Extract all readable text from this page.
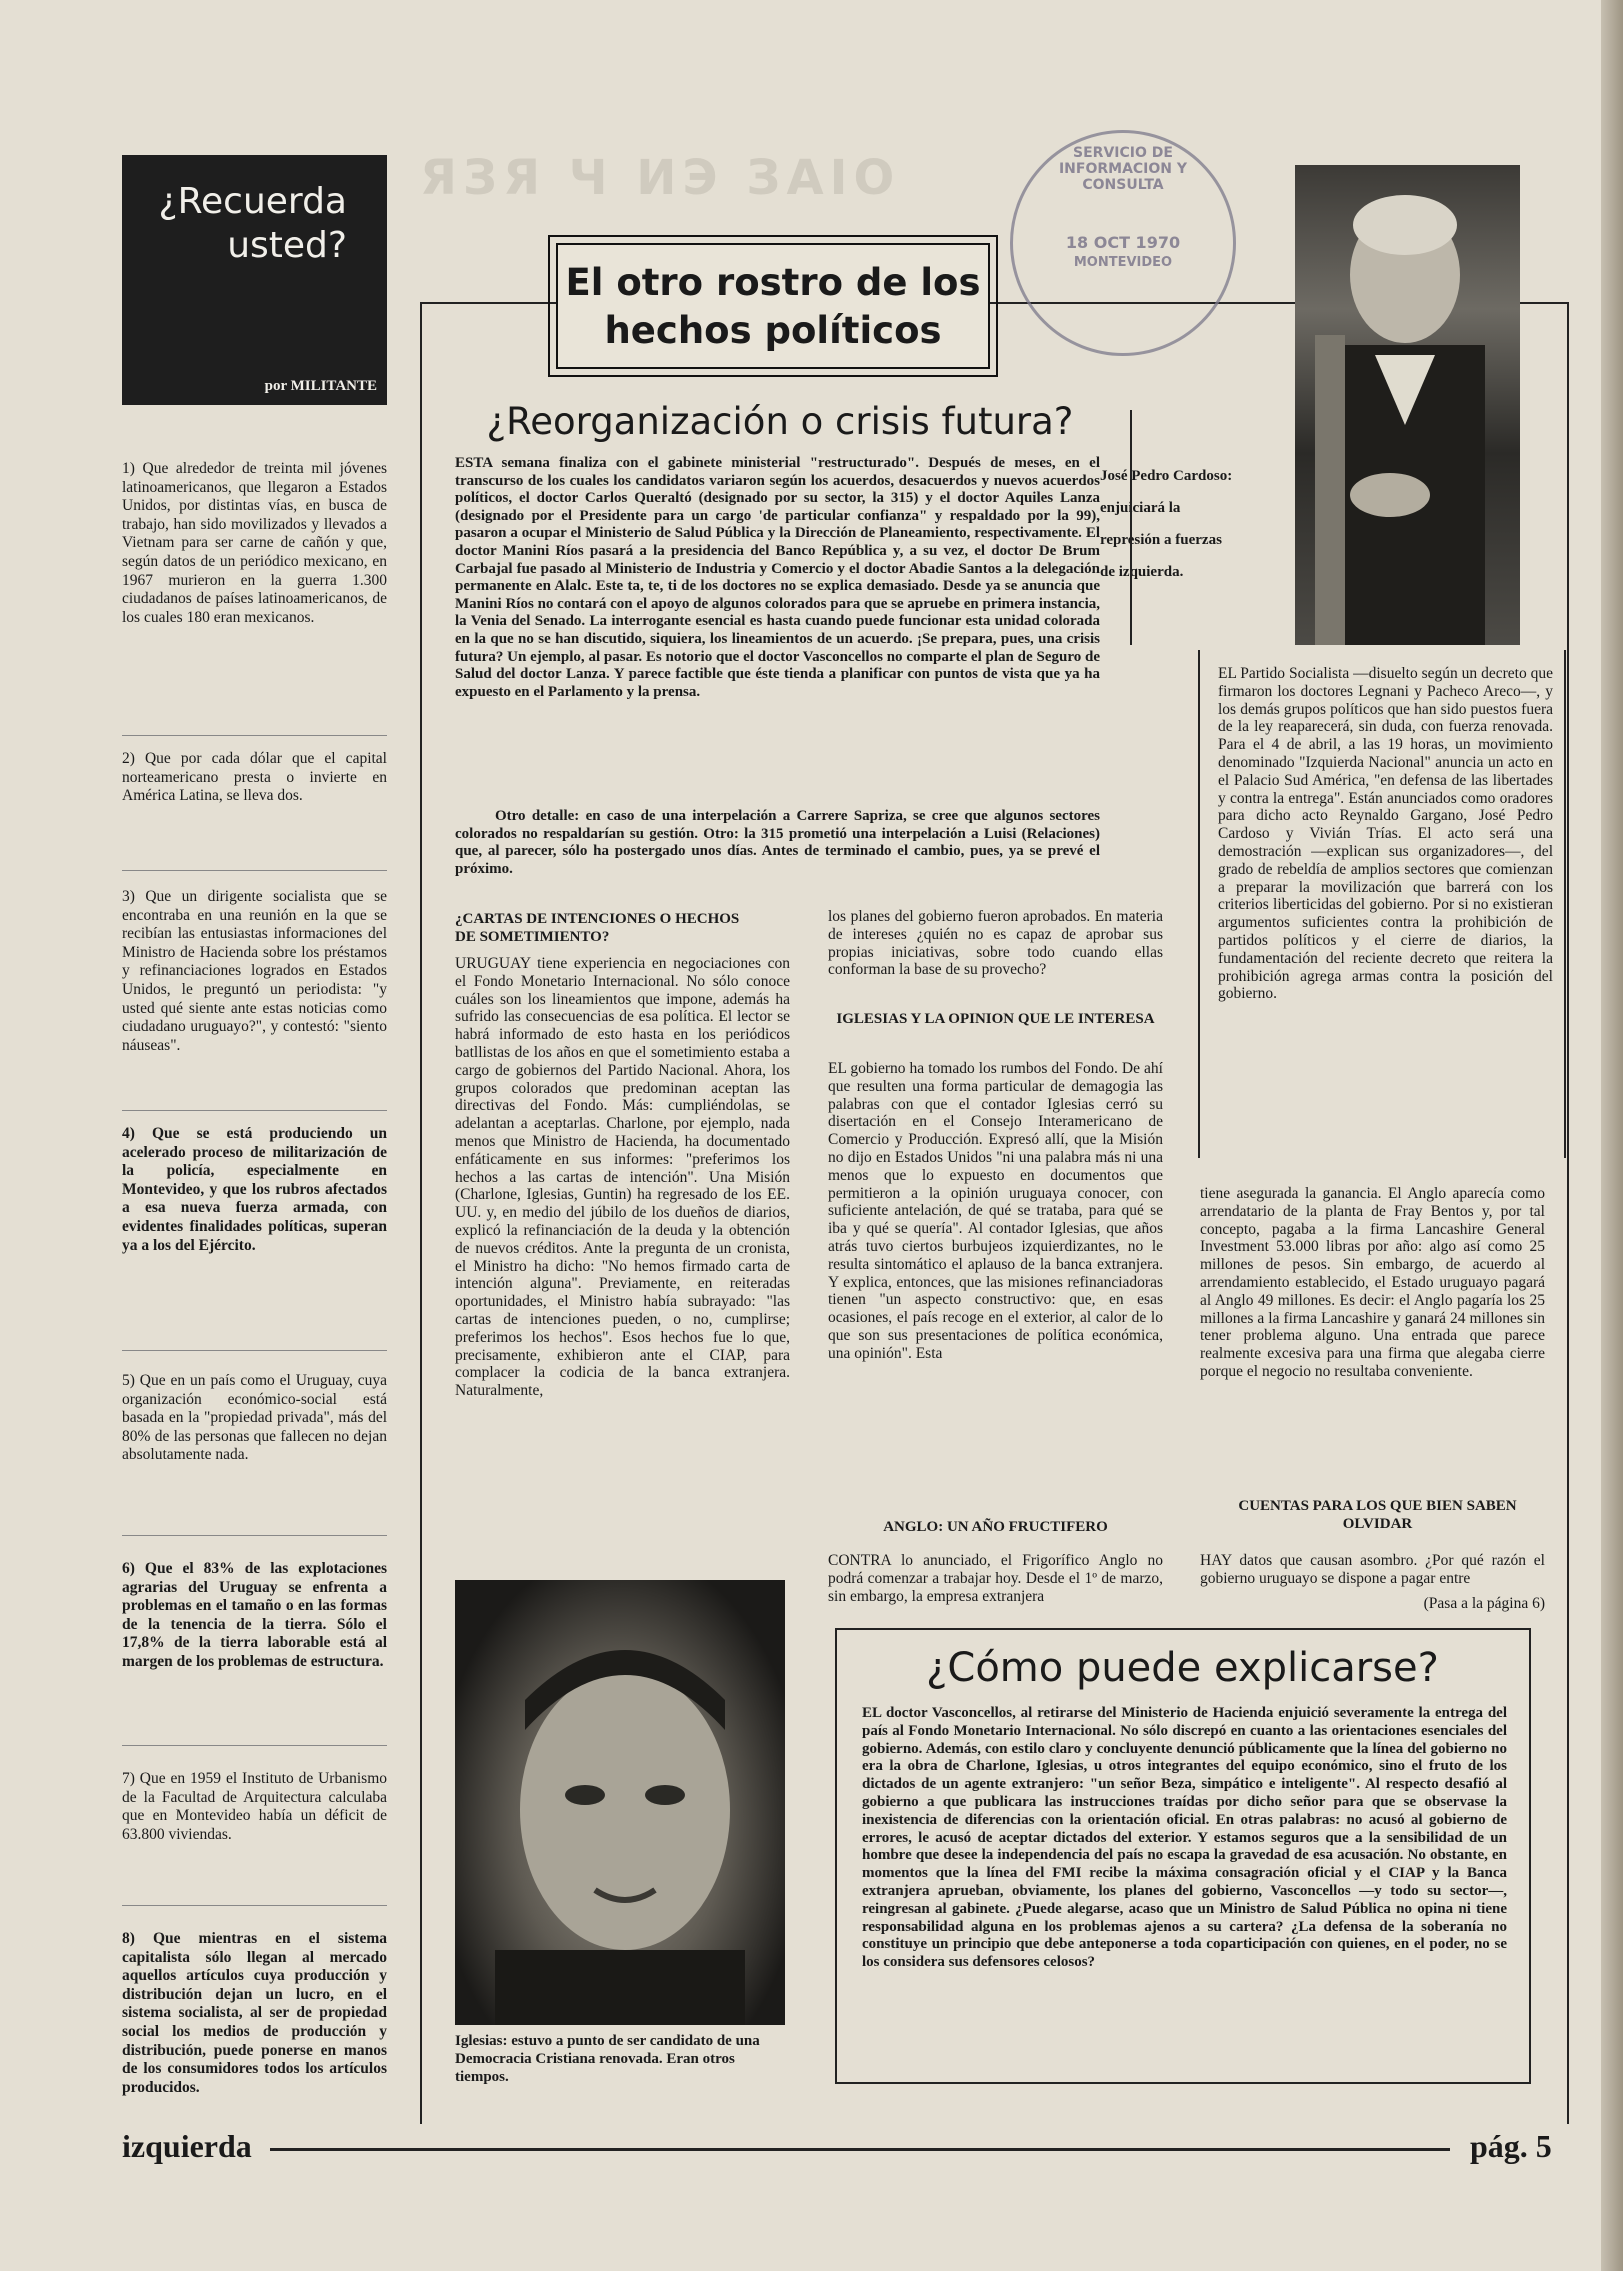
ЯЗЯ Ч ИЭ ЗАІО
¿Recuerda usted?
por MILITANTE
1) Que alrededor de treinta mil jóvenes latinoamericanos, que llegaron a Estados Unidos, por distintas vías, en busca de trabajo, han sido movilizados y llevados a Vietnam para ser carne de cañón y que, según datos de un periódico mexicano, en 1967 murieron en la guerra 1.300 ciudadanos de países latinoamericanos, de los cuales 180 eran mexicanos.
2) Que por cada dólar que el capital norteamericano presta o invierte en América Latina, se lleva dos.
3) Que un dirigente socialista que se encontraba en una reunión en la que se recibían las entusiastas informaciones del Ministro de Hacienda sobre los préstamos y refinanciaciones logrados en Estados Unidos, le preguntó un periodista: "y usted qué siente ante estas noticias como ciudadano uruguayo?", y contestó: "siento náuseas".
4) Que se está produciendo un acelerado proceso de militarización de la policía, especialmente en Montevideo, y que los rubros afectados a esa nueva fuerza armada, con evidentes finalidades políticas, superan ya a los del Ejército.
5) Que en un país como el Uruguay, cuya organización económico-social está basada en la "propiedad privada", más del 80% de las personas que fallecen no dejan absolutamente nada.
6) Que el 83% de las explotaciones agrarias del Uruguay se enfrenta a problemas en el tamaño o en las formas de la tenencia de la tierra. Sólo el 17,8% de la tierra laborable está al margen de los problemas de estructura.
7) Que en 1959 el Instituto de Urbanismo de la Facultad de Arquitectura calculaba que en Montevideo había un déficit de 63.800 viviendas.
8) Que mientras en el sistema capitalista sólo llegan al mercado aquellos artículos cuya producción y distribución dejan un lucro, en el sistema socialista, al ser de propiedad social los medios de producción y distribución, puede ponerse en manos de los consumidores todos los artículos producidos.
SERVICIO DE INFORMACION Y CONSULTA
18 OCT 1970
MONTEVIDEO
El otro rostro de los hechos políticos
José Pedro Cardoso: enjuiciará la represión a fuerzas de izquierda.
¿Reorganización o crisis futura?
ESTA semana finaliza con el gabinete ministerial "restructurado". Después de meses, en el transcurso de los cuales los candidatos variaron según los acuerdos, desacuerdos y nuevos acuerdos políticos, el doctor Carlos Queraltó (designado por su sector, la 315) y el doctor Aquiles Lanza (designado por el Presidente para un cargo 'de particular confianza" y respaldado por la 99), pasaron a ocupar el Ministerio de Salud Pública y la Dirección de Planeamiento, respectivamente. El doctor Manini Ríos pasará a la presidencia del Banco República y, a su vez, el doctor De Brum Carbajal fue pasado al Ministerio de Industria y Comercio y el doctor Abadie Santos a la delegación permanente en Alalc. Este ta, te, ti de los doctores no se explica demasiado. Desde ya se anuncia que Manini Ríos no contará con el apoyo de algunos colorados para que se apruebe en primera instancia, la Venia del Senado. La interrogante esencial es hasta cuando puede funcionar esta unidad colorada en la que no se han discutido, siquiera, los lineamientos de un acuerdo. ¡Se prepara, pues, una crisis futura? Un ejemplo, al pasar. Es notorio que el doctor Vasconcellos no comparte el plan de Seguro de Salud del doctor Lanza. Y parece factible que éste tienda a planificar con puntos de vista que ya ha expuesto en el Parlamento y la prensa.
Otro detalle: en caso de una interpelación a Carrere Sapriza, se cree que algunos sectores colorados no respaldarían su gestión. Otro: la 315 prometió una interpelación a Luisi (Relaciones) que, al parecer, sólo ha postergado unos días. Antes de terminado el cambio, pues, ya se prevé el próximo.
¿CARTAS DE INTENCIONES O HECHOS DE SOMETIMIENTO?
URUGUAY tiene experiencia en negociaciones con el Fondo Monetario Internacional. No sólo conoce cuáles son los lineamientos que impone, además ha sufrido las consecuencias de esa política. El lector se habrá informado de esto hasta en los periódicos batllistas de los años en que el sometimiento estaba a cargo de gobiernos del Partido Nacional. Ahora, los grupos colorados que predominan aceptan las directivas del Fondo. Más: cumpliéndolas, se adelantan a aceptarlas. Charlone, por ejemplo, nada menos que Ministro de Hacienda, ha documentado enfáticamente en sus informes: "preferimos los hechos a las cartas de intención". Una Misión (Charlone, Iglesias, Guntin) ha regresado de los EE. UU. y, en medio del júbilo de los dueños de diarios, explicó la refinanciación de la deuda y la obtención de nuevos créditos. Ante la pregunta de un cronista, el Ministro ha dicho: "No hemos firmado carta de intención alguna". Previamente, en reiteradas oportunidades, el Ministro había subrayado: "las cartas de intenciones pueden, o no, cumplirse; preferimos los hechos". Esos hechos fue lo que, precisamente, exhibieron ante el CIAP, para complacer la codicia de la banca extranjera. Naturalmente,
Iglesias: estuvo a punto de ser candidato de una Democracia Cristiana renovada. Eran otros tiempos.
los planes del gobierno fueron aprobados. En materia de intereses ¿quién no es capaz de aprobar sus propias iniciativas, sobre todo cuando ellas conforman la base de su provecho?
IGLESIAS Y LA OPINION QUE LE INTERESA
EL gobierno ha tomado los rumbos del Fondo. De ahí que resulten una forma particular de demagogia las palabras con que el contador Iglesias cerró su disertación en el Consejo Interamericano de Comercio y Producción. Expresó allí, que la Misión no dijo en Estados Unidos "ni una palabra más ni una menos que lo expuesto en documentos que permitieron a la opinión uruguaya conocer, con suficiente antelación, de qué se trataba, para qué se iba y qué se quería". Al contador Iglesias, que años atrás tuvo ciertos burbujeos izquierdizantes, no le resulta sintomático el aplauso de la banca extranjera. Y explica, entonces, que las misiones refinanciadoras tienen "un aspecto constructivo: que, en esas ocasiones, el país recoge en el exterior, al calor de lo que son sus presentaciones de política económica, una opinión". Esta
ANGLO: UN AÑO FRUCTIFERO
CONTRA lo anunciado, el Frigorífico Anglo no podrá comenzar a trabajar hoy. Desde el 1º de marzo, sin embargo, la empresa extranjera
EL Partido Socialista —disuelto según un decreto que firmaron los doctores Legnani y Pacheco Areco—, y los demás grupos políticos que han sido puestos fuera de la ley reaparecerá, sin duda, con fuerza renovada. Para el 4 de abril, a las 19 horas, un movimiento denominado "Izquierda Nacional" anuncia un acto en el Palacio Sud América, "en defensa de las libertades y contra la entrega". Están anunciados como oradores para dicho acto Reynaldo Gargano, José Pedro Cardoso y Vivián Trías. El acto será una demostración —explican sus organizadores—, del grado de rebeldía de amplios sectores que comienzan a preparar la movilización que barrerá con los criterios liberticidas del gobierno. Por si no existieran argumentos suficientes contra la prohibición de partidos políticos y el cierre de diarios, la fundamentación del reciente decreto que reitera la prohibición agrega armas contra la posición del gobierno.
tiene asegurada la ganancia. El Anglo aparecía como arrendatario de la planta de Fray Bentos y, por tal concepto, pagaba a la firma Lancashire General Investment 53.000 libras por año: algo así como 25 millones de pesos. Sin embargo, de acuerdo al arrendamiento establecido, el Estado uruguayo pagará al Anglo 49 millones. Es decir: el Anglo pagaría los 25 millones a la firma Lancashire y ganará 24 millones sin tener problema alguno. Una entrada que parece realmente excesiva para una firma que alegaba cierre porque el negocio no resultaba conveniente.
CUENTAS PARA LOS QUE BIEN SABEN OLVIDAR
HAY datos que causan asombro. ¿Por qué razón el gobierno uruguayo se dispone a pagar entre
(Pasa a la página 6)
¿Cómo puede explicarse?
EL doctor Vasconcellos, al retirarse del Ministerio de Hacienda enjuició severamente la entrega del país al Fondo Monetario Internacional. No sólo discrepó en cuanto a las orientaciones esenciales del gobierno. Además, con estilo claro y concluyente denunció públicamente que la línea del gobierno no era la obra de Charlone, Iglesias, u otros integrantes del equipo económico, sino el fruto de los dictados de un agente extranjero: "un señor Beza, simpático e inteligente". Al respecto desafió al gobierno a que publicara las instrucciones traídas por dicho señor para que se observase la inexistencia de diferencias con la orientación oficial. En otras palabras: no acusó al gobierno de errores, le acusó de aceptar dictados del exterior. Y estamos seguros que a la sensibilidad de un hombre que desee la independencia del país no escapa la gravedad de esa acusación. No obstante, en momentos que la línea del FMI recibe la máxima consagración oficial y el CIAP y la Banca extranjera aprueban, obviamente, los planes del gobierno, Vasconcellos —y todo su sector—, reingresan al gabinete. ¿Puede alegarse, acaso que un Ministro de Salud Pública no opina ni tiene responsabilidad alguna en los problemas ajenos a su cartera? ¿La defensa de la soberanía no constituye un principio que debe anteponerse a toda coparticipación con quienes, en el poder, no se los considera sus defensores celosos?
izquierda	pág. 5
